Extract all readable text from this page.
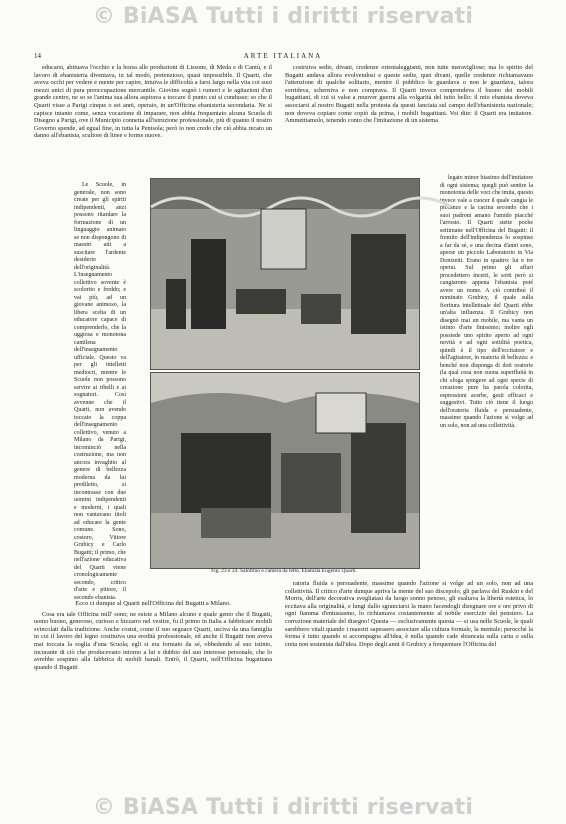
© BiASA Tutti i diritti riservati
14	ARTE ITALIANA

educarsi, abituava l'occhio e la borsa alle produzioni di Lissone, di Meda e di Cantù, e il lavoro di ebanisteria diventava, in tal modo, pretenzioso, quasi impossibile. Il Quarti, che aveva occhi per vedere e mente per capire, intuiva le difficoltà a farsi largo nella vita coi suoi mezzi unici di pura preoccupazione mercantile. Giovine sognò i rumori e le agitazioni d'un grande centro, ne so se l'anima sua allora aspirava a toccare il punto cui si condusse; so che il Quarti visse a Parigi cinque o sei anni, operaio, in un'Officina ebanisteria secondaria. Ne si capisce intanto come, senza vocazione di imparare, non abbia frequentato alcuna Scuola di Disegno a Parigi, ove il Municipio connetta all'istruzione professionale, più di quanto il nostro Governo spende, ad egual fine, in tutta la Penisola; però io non credo che ciò abbia recato un danno all'ebanista, scultore di linee e forme nuove.

costruiva sedie, divani, credenze orientaleggianti, non tutte meravigliose; ma lo spirito del Bugatti andava allora evolvendosi e queste sedie, quei divani, quelle credenze richiamavano l'attenzione di qualche solitario, mentre il pubblico le guardava o non le guardava, talora sorrideva, scherniva e non comprava. Il Quarti invece comprendeva il buono dei mobili bugattiani, di cui si valse a muover guerra alla volgarità del tutto bello: il mio ebanista doveva associarsi al nostro Bugatti nella protesta da questi lanciata sul campo dell'ebanisteria nazionale; non doveva copiare come copiò da prima, i mobili bugattiani. Voi dite: il Quarti era imitatore. Ammettiamolo, tenendo conto che l'imitazione di un sistema

Le Scuole, in generale, non sono create per gli spiriti indipendenti, anzi possono ritardare la formazione di un linguaggio animato se non dispongono di maestri atti a suscitare l'ardente desiderio dell'originalità. L'insegnamento collettivo sovente è scolorito e freddo; e vai più, ad un giovane animoso, la libera scelta di un educatore capace di comprenderlo, che la uggiosa e monotona cantilena dell'insegnamento ufficiale. Questo va per gli intelletti mediocri, mentre le Scuole non possono servire ai ribelli e ai sognatori. Così avvenne che il Quarti, non avendo toccato la coppa dell'insegnamento collettivo, venuto a Milano da Parigi, incominciò nella costruzione, ma non ancora invaghito al genere di bellezza moderna da lui prediletto, si incontrasse con due uomini indipendenti e moderni, i quali non vantavano titoli ad educare la gente comune. Sono, costoro, Vittore Grubicy e Carlo Bugatti; il primo, che nell'azione educativa del Quarti viene cronologicamente secondo, critico d'arte e pittore, il secondo ebanista.

legato minor biasimo dell'imitatore di ogni sistema; quegli può sentire la monotonia delle voci che imita, questo invece vale a cuocer il quale cangia le piccanze e la cacina secondo che i suoi padroni amano l'umido piacché l'arrosto. Il Quarti stette poche settimane nell'Officina del Bugatti: il fremito dell'indipendenza lo sospinse a far da sé, e una decina d'anni sono, aperse un piccolo Laboratorio in Via Donizetti. Erano in quattro: lui e tre operai. Sul primo gli affari procedettero incerti, le sorti però si cangiarono appena l'ebanista poté avere un nome. A ciò contribuì il nominato Grubicy, il quale sulla fioritura intellettuale del Quarti ebbe un'alta influenza. Il Grubicy non disegnò mai un mobile, ma vanta un istinto d'arte finissimo; inoltre egli possiede uno spirito aperto ad ogni novità e ad ogni sottilità poetica, quindi è il tipo dell'eccitatore e dell'agitatore, in materia di bellezza: e benché non disponga di doti oratorie (la qual cosa non suona superfluità in chi sfoga spingere ad ogni specie di creazione pure ha parola colorita, espressioni acerbe, gesti efficaci e suggestivi. Tutto ciò tiene il luogo dell'oratoria fluida e persuadente, massime quando l'azione si volge ad un solo, non ad una collettività.

Fig. 23 e 24. Salottino e camera da letto. Ebanista Eugenio Quarti.
Ecco ci dunque al Quarti nell'Officina del Bugatti a Milano.

Cosa era tale Officina mill' sono; ne esiste a Milano alcuno e quale genio che il Bugatti, uomo buono, generoso, curioso e bizzarro nel vestire, fu il primo in Italia a fabbricare mobili svincolati dalla tradizione. Anche costui, come il suo seguace Quarti, usciva da una famiglia in cui il lavoro del legno costituiva una eredità professionale, ed anche il Bugatti non aveva mai toccata la soglia d'una Scuola; egli si era formato da sé, obbedendo al suo istinto, incurante di ciò che producevano intorno a lui e dubbio del suo interesse personale, che lo avrebbe sospinto alla fabbrica di mobili banali. Entrò, il Quarti, nell'Officina bugattiana quando il Bugatti

ratoria fluida e persuadente, massime quando l'azione si volge ad un solo, non ad una collettività. Il critico d'arte dunque apriva la mente del suo discepolo, gli parlava del Ruskin e del Morris, dell'arte decorativa svegliatasi da luogo sonno penoso, gli esaltava la libertà estetica, lo eccitava alla originalità, e lungi dallo sgranciarsi la mano facendogli disegnare ore e ore privo di ogni fiamma d'entusiasmo, lo richiamava costantemente al nobile esercizio del pensiero. La correzione materiale del disegno! Questa — esclusivamente questa — si usa nelle Scuole, le quali sarebbero vitali quando i maestri sapessero associare alla cultura formale, la mentale; perocché la forma è tutto quando si accompagna all'idea, è nulla quando cade sbiancata sulla carta o sulla creta non sostenuta dall'idea. Dopo degli anni il Grubicy a frequentare l'Officina del

© BiASA Tutti i diritti riservati
